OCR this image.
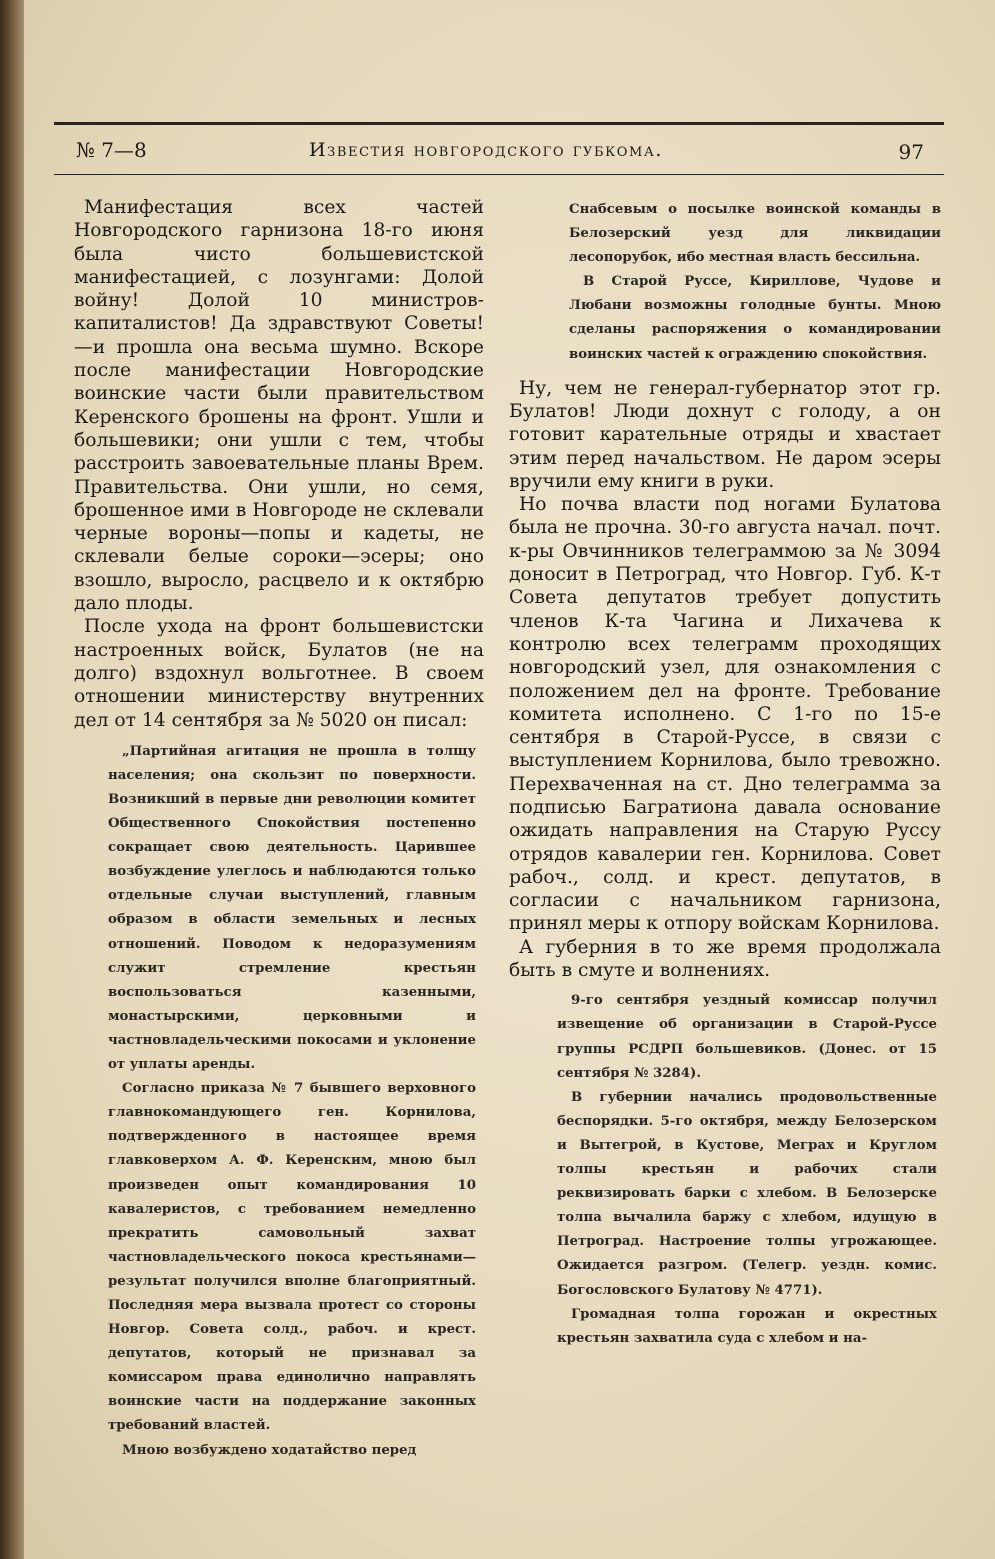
№ 7—8	Известия новгородского губкома.	97

Манифестация всех частей Новгородского гарнизона 18-го июня была чисто большевистской манифестацией, с лозунгами: Долой войну! Долой 10 министров-капиталистов! Да здравствуют Советы!—и прошла она весьма шумно. Вскоре после манифестации Новгородские воинские части были правительством Керенского брошены на фронт. Ушли и большевики; они ушли с тем, чтобы расстроить завоевательные планы Врем. Правительства. Они ушли, но семя, брошенное ими в Новгороде не склевали черные вороны—попы и кадеты, не склевали белые сороки—эсеры; оно взошло, выросло, расцвело и к октябрю дало плоды.

После ухода на фронт большевистски настроенных войск, Булатов (не на долго) вздохнул вольготнее. В своем отношении министерству внутренних дел от 14 сентября за № 5020 он писал:

„Партийная агитация не прошла в толщу населения; она скользит по поверхности. Возникший в первые дни революции комитет Общественного Спокойствия постепенно сокращает свою деятельность. Царившее возбуждение улеглось и наблюдаются только отдельные случаи выступлений, главным образом в области земельных и лесных отношений. Поводом к недоразумениям служит стремление крестьян воспользоваться казенными, монастырскими, церковными и частновладельческими покосами и уклонение от уплаты аренды.

Согласно приказа № 7 бывшего верховного главнокомандующего ген. Корнилова, подтвержденного в настоящее время главковерхом А. Ф. Керенским, мною был произведен опыт командирования 10 кавалеристов, с требованием немедленно прекратить самовольный захват частновладельческого покоса крестьянами—результат получился вполне благоприятный. Последняя мера вызвала протест со стороны Новгор. Совета солд., рабоч. и крест. депутатов, который не признавал за комиссаром права единолично направлять воинские части на поддержание законных требований властей.

Мною возбуждено ходатайство перед

Снабсевым о посылке воинской команды в Белозерский уезд для ликвидации лесопорубок, ибо местная власть бессильна.

В Старой Руссе, Кириллове, Чудове и Любани возможны голодные бунты. Мною сделаны распоряжения о командировании воинских частей к ограждению спокойствия.

Ну, чем не генерал-губернатор этот гр. Булатов! Люди дохнут с голоду, а он готовит карательные отряды и хвастает этим перед начальством. Не даром эсеры вручили ему книги в руки.

Но почва власти под ногами Булатова была не прочна. 30-го августа начал. почт. к-ры Овчинников телеграммою за № 3094 доносит в Петроград, что Новгор. Губ. К-т Совета депутатов требует допустить членов К-та Чагина и Лихачева к контролю всех телеграмм проходящих новгородский узел, для ознакомления с положением дел на фронте. Требование комитета исполнено. С 1-го по 15-е сентября в Старой-Руссе, в связи с выступлением Корнилова, было тревожно. Перехваченная на ст. Дно телеграмма за подписью Багратиона давала основание ожидать направления на Старую Руссу отрядов кавалерии ген. Корнилова. Совет рабоч., солд. и крест. депутатов, в согласии с начальником гарнизона, принял меры к отпору войскам Корнилова.

А губерния в то же время продолжала быть в смуте и волнениях.

9-го сентября уездный комиссар получил извещение об организации в Старой-Руссе группы РСДРП большевиков. (Донес. от 15 сентября № 3284).

В губернии начались продовольственные беспорядки. 5-го октября, между Белозерском и Вытегрой, в Кустове, Меграх и Круглом толпы крестьян и рабочих стали реквизировать барки с хлебом. В Белозерске толпа вычалила баржу с хлебом, идущую в Петроград. Настроение толпы угрожающее. Ожидается разгром. (Телегр. уездн. комис. Богословского Булатову № 4771).

Громадная толпа горожан и окрестных крестьян захватила суда с хлебом и на-
